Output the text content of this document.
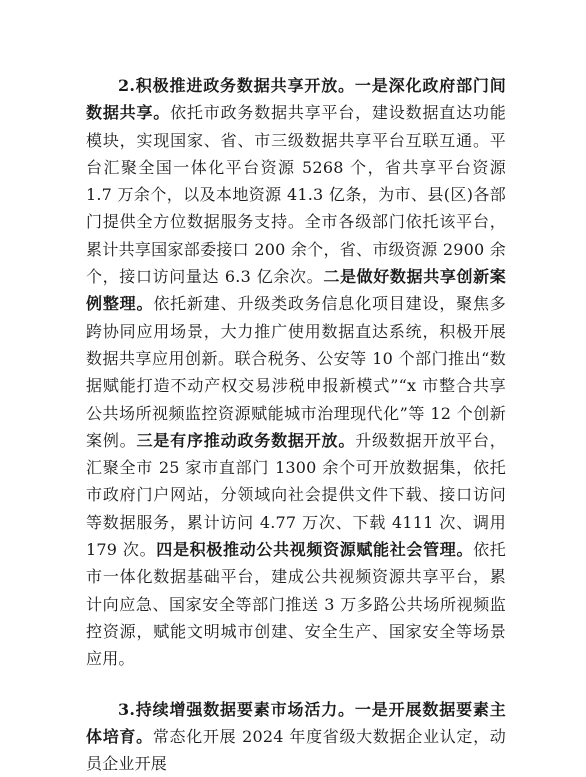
2.积极推进政务数据共享开放。一是深化政府部门间数据共享。依托市政务数据共享平台，建设数据直达功能模块，实现国家、省、市三级数据共享平台互联互通。平台汇聚全国一体化平台资源 5268 个，省共享平台资源 1.7 万余个，以及本地资源 41.3 亿条，为市、县(区)各部门提供全方位数据服务支持。全市各级部门依托该平台，累计共享国家部委接口 200 余个，省、市级资源 2900 余个，接口访问量达 6.3 亿余次。二是做好数据共享创新案例整理。依托新建、升级类政务信息化项目建设，聚焦多跨协同应用场景，大力推广使用数据直达系统，积极开展数据共享应用创新。联合税务、公安等 10 个部门推出“数据赋能打造不动产权交易涉税申报新模式”“x 市整合共享公共场所视频监控资源赋能城市治理现代化”等 12 个创新案例。三是有序推动政务数据开放。升级数据开放平台，汇聚全市 25 家市直部门 1300 余个可开放数据集，依托市政府门户网站，分领域向社会提供文件下载、接口访问等数据服务，累计访问 4.77 万次、下载 4111 次、调用 179 次。四是积极推动公共视频资源赋能社会管理。依托市一体化数据基础平台，建成公共视频资源共享平台，累计向应急、国家安全等部门推送 3 万多路公共场所视频监控资源，赋能文明城市创建、安全生产、国家安全等场景应用。

3.持续增强数据要素市场活力。一是开展数据要素主体培育。常态化开展 2024 年度省级大数据企业认定，动员企业开展
